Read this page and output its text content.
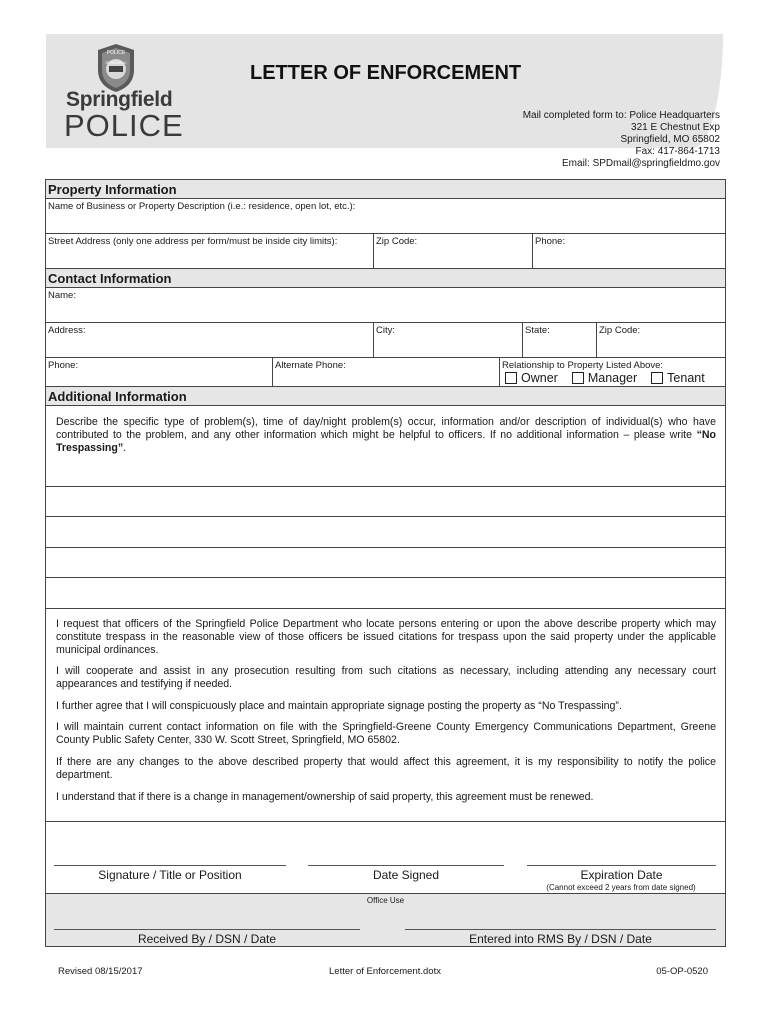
POLICE
SPRINGFIELD
Springfield
POLICE
LETTER OF ENFORCEMENT
Mail completed form to: Police Headquarters
321 E Chestnut Exp
Springfield, MO 65802
Fax: 417-864-1713
Email: SPDmail@springfieldmo.gov
Property Information
Name of Business or Property Description (i.e.: residence, open lot, etc.):
Street Address (only one address per form/must be inside city limits):	Zip Code:	Phone:
Contact Information
Name:
Address:	City:	State:	Zip Code:
Phone:	Alternate Phone:	Relationship to Property Listed Above:
Owner Manager Tenant
Additional Information
Describe the specific type of problem(s), time of day/night problem(s) occur, information and/or description of individual(s) who have contributed to the problem, and any other information which might be helpful to officers. If no additional information – please write “No Trespassing”.
I request that officers of the Springfield Police Department who locate persons entering or upon the above describe property which may constitute trespass in the reasonable view of those officers be issued citations for trespass upon the said property under the applicable municipal ordinances.
I will cooperate and assist in any prosecution resulting from such citations as necessary, including attending any necessary court appearances and testifying if needed.
I further agree that I will conspicuously place and maintain appropriate signage posting the property as “No Trespassing”.
I will maintain current contact information on file with the Springfield-Greene County Emergency Communications Department, Greene County Public Safety Center, 330 W. Scott Street, Springfield, MO 65802.
If there are any changes to the above described property that would affect this agreement, it is my responsibility to notify the police department.
I understand that if there is a change in management/ownership of said property, this agreement must be renewed.
Signature / Title or Position	Date Signed	Expiration Date
(Cannot exceed 2 years from date signed)
Office Use
Received By / DSN / Date	Entered into RMS By / DSN / Date
Revised 08/15/2017	Letter of Enforcement.dotx	05-OP-0520
